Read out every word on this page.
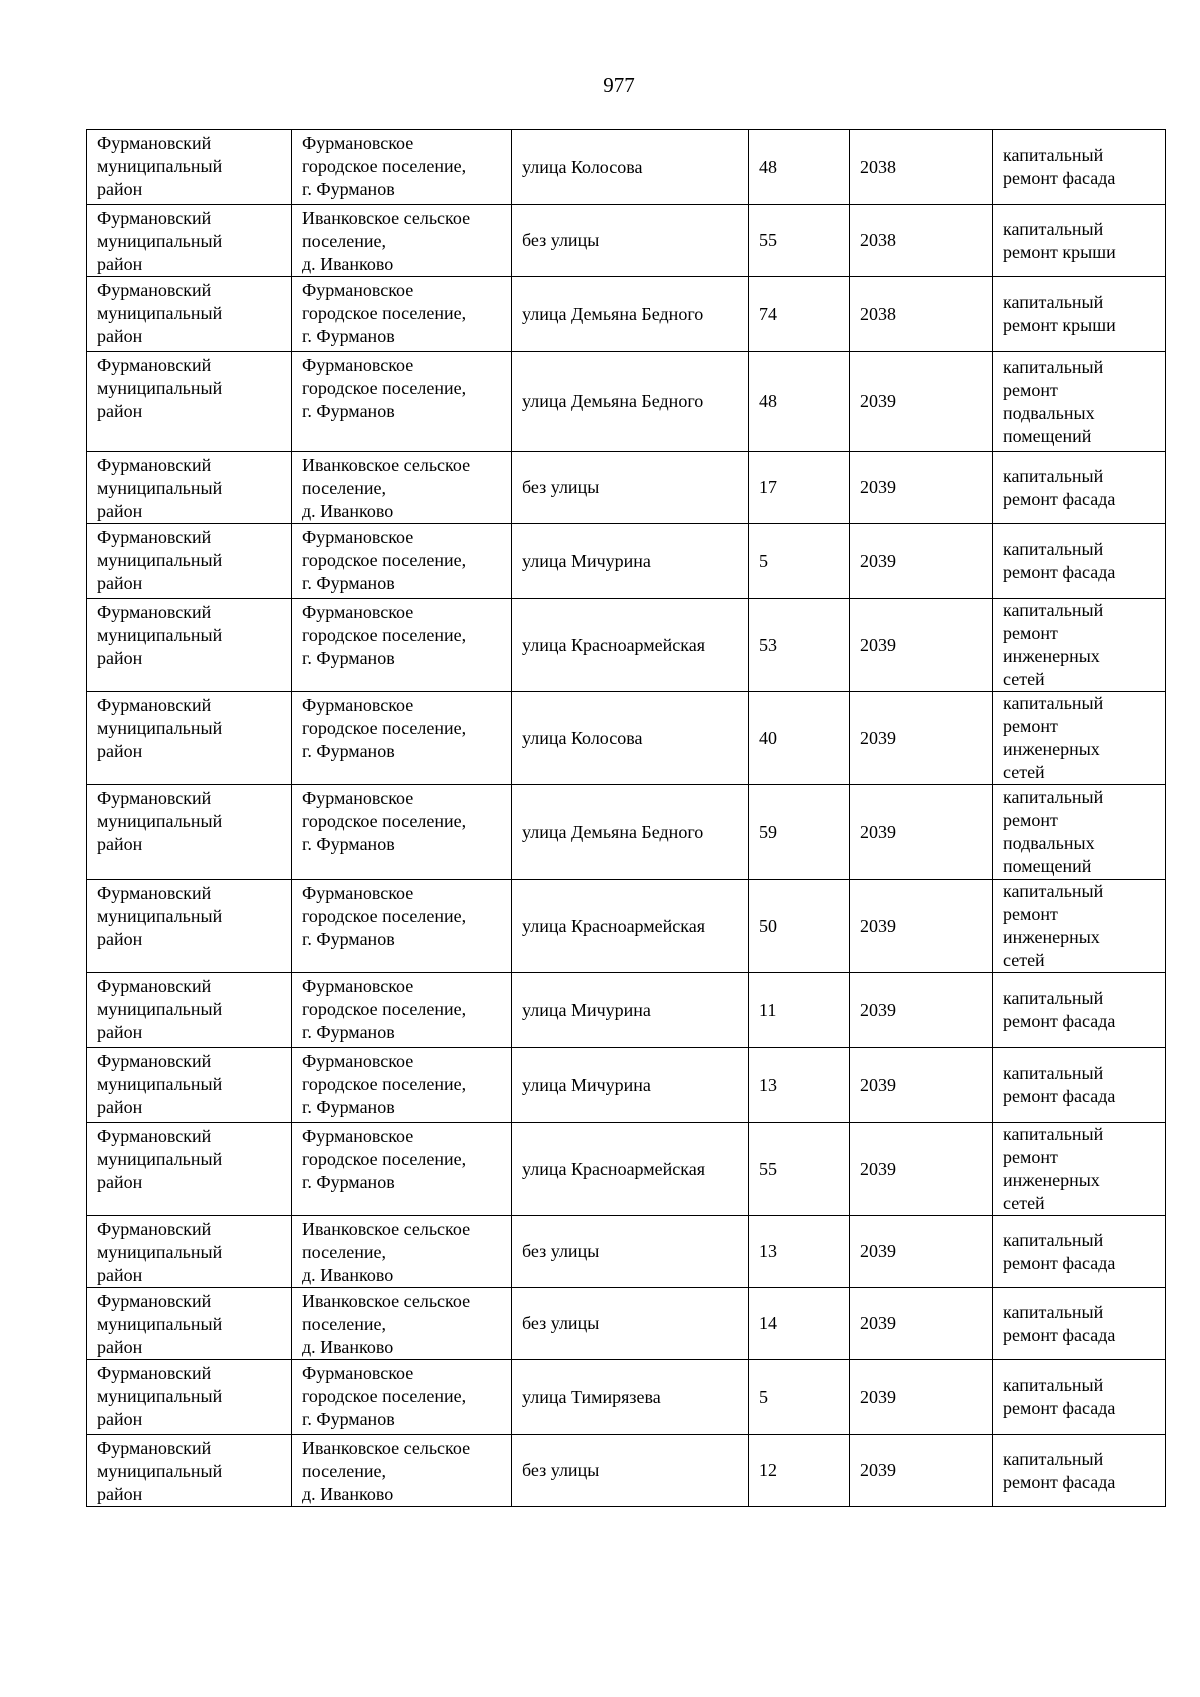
977
Фурмановский
муниципальный
район	Фурмановское
городское поселение,
г. Фурманов	улица Колосова	48	2038	капитальный
ремонт фасада

Фурмановский
муниципальный
район	Иванковское сельское
поселение,
д. Иванково	без улицы	55	2038	капитальный
ремонт крыши

Фурмановский
муниципальный
район	Фурмановское
городское поселение,
г. Фурманов	улица Демьяна Бедного	74	2038	капитальный
ремонт крыши

Фурмановский
муниципальный
район	Фурмановское
городское поселение,
г. Фурманов	улица Демьяна Бедного	48	2039	капитальный
ремонт
подвальных
помещений

Фурмановский
муниципальный
район	Иванковское сельское
поселение,
д. Иванково	без улицы	17	2039	капитальный
ремонт фасада

Фурмановский
муниципальный
район	Фурмановское
городское поселение,
г. Фурманов	улица Мичурина	5	2039	капитальный
ремонт фасада

Фурмановский
муниципальный
район	Фурмановское
городское поселение,
г. Фурманов	улица Красноармейская	53	2039	капитальный
ремонт
инженерных
сетей

Фурмановский
муниципальный
район	Фурмановское
городское поселение,
г. Фурманов	улица Колосова	40	2039	капитальный
ремонт
инженерных
сетей

Фурмановский
муниципальный
район	Фурмановское
городское поселение,
г. Фурманов	улица Демьяна Бедного	59	2039	капитальный
ремонт
подвальных
помещений

Фурмановский
муниципальный
район	Фурмановское
городское поселение,
г. Фурманов	улица Красноармейская	50	2039	капитальный
ремонт
инженерных
сетей

Фурмановский
муниципальный
район	Фурмановское
городское поселение,
г. Фурманов	улица Мичурина	11	2039	капитальный
ремонт фасада

Фурмановский
муниципальный
район	Фурмановское
городское поселение,
г. Фурманов	улица Мичурина	13	2039	капитальный
ремонт фасада

Фурмановский
муниципальный
район	Фурмановское
городское поселение,
г. Фурманов	улица Красноармейская	55	2039	капитальный
ремонт
инженерных
сетей

Фурмановский
муниципальный
район	Иванковское сельское
поселение,
д. Иванково	без улицы	13	2039	капитальный
ремонт фасада

Фурмановский
муниципальный
район	Иванковское сельское
поселение,
д. Иванково	без улицы	14	2039	капитальный
ремонт фасада

Фурмановский
муниципальный
район	Фурмановское
городское поселение,
г. Фурманов	улица Тимирязева	5	2039	капитальный
ремонт фасада

Фурмановский
муниципальный
район	Иванковское сельское
поселение,
д. Иванково	без улицы	12	2039	капитальный
ремонт фасада
